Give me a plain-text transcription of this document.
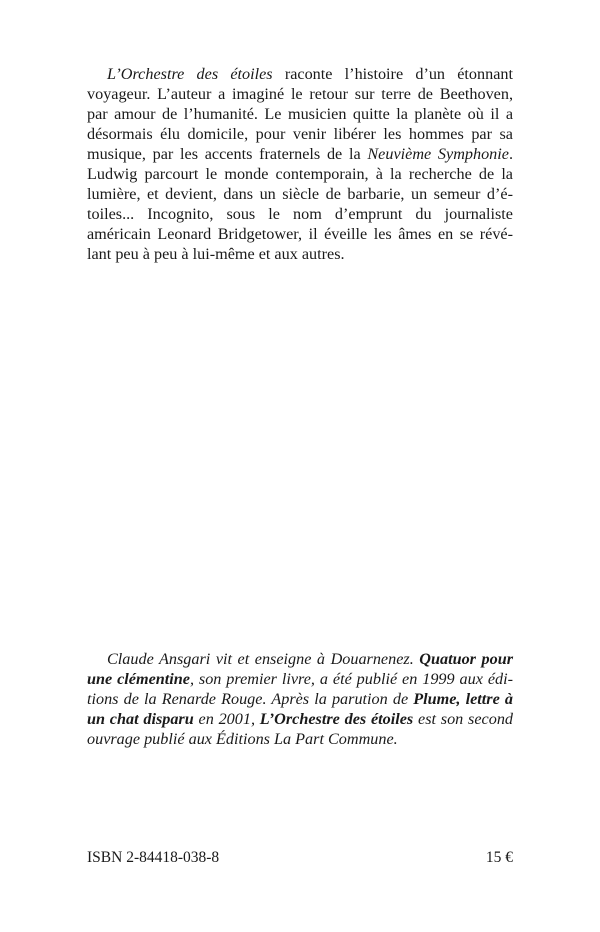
L’Orchestre des étoiles raconte l’histoire d’un étonnant
voyageur. L’auteur a imaginé le retour sur terre de Beethoven,
par amour de l’humanité. Le musicien quitte la planète où il a
désormais élu domicile, pour venir libérer les hommes par sa
musique, par les accents fraternels de la Neuvième Symphonie.
Ludwig parcourt le monde contemporain, à la recherche de la
lumière, et devient, dans un siècle de barbarie, un semeur d’é-
toiles... Incognito, sous le nom d’emprunt du journaliste
américain Leonard Bridgetower, il éveille les âmes en se révé-
lant peu à peu à lui-même et aux autres.
Claude Ansgari vit et enseigne à Douarnenez. Quatuor pour
une clémentine, son premier livre, a été publié en 1999 aux édi-
tions de la Renarde Rouge. Après la parution de Plume, lettre à
un chat disparu en 2001, L’Orchestre des étoiles est son second
ouvrage publié aux Éditions La Part Commune.
ISBN 2-84418-038-8	15 €
